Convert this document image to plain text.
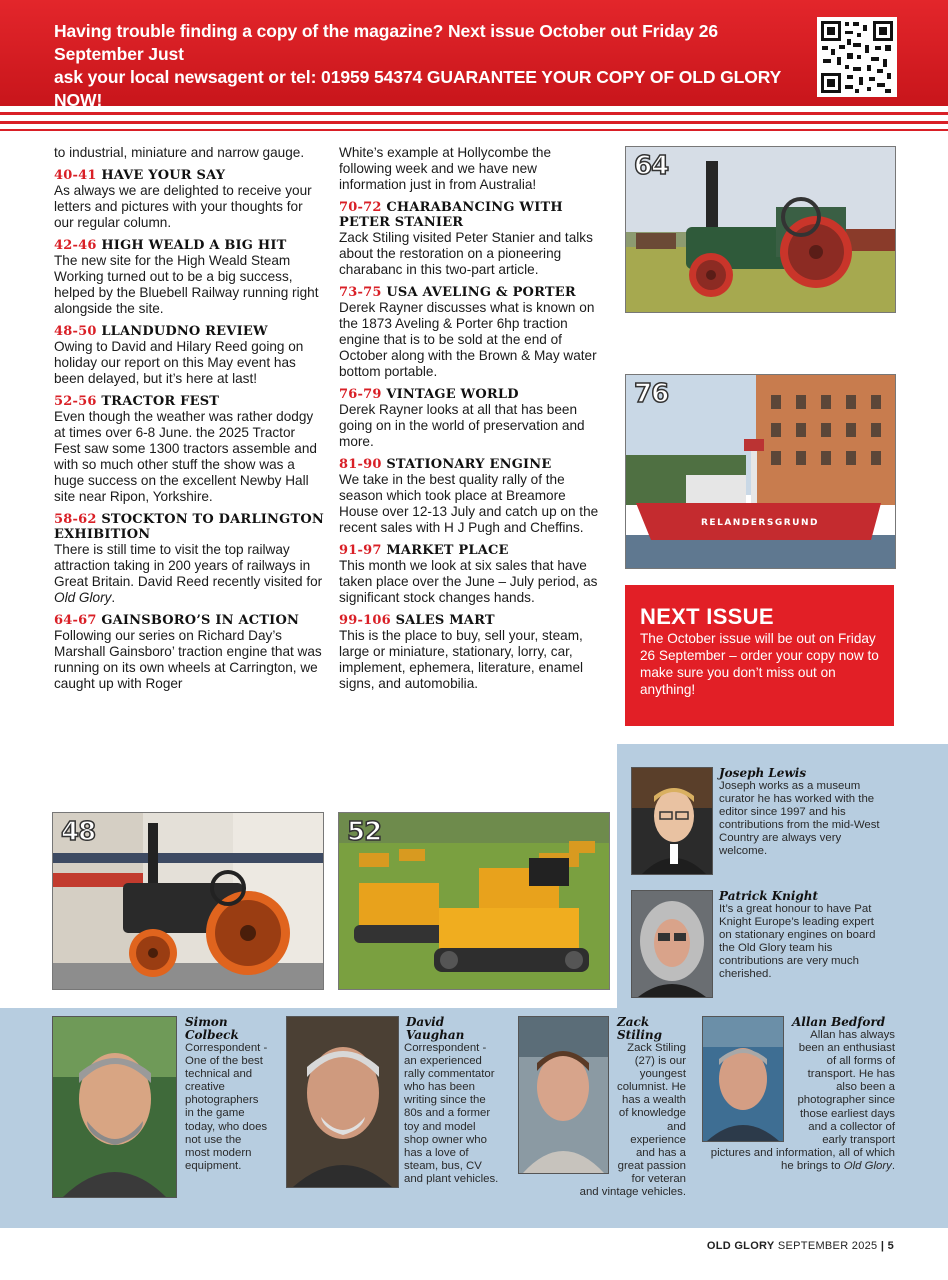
Having trouble finding a copy of the magazine? Next issue October out Friday 26 September Just
ask your local newsagent or tel: 01959 54374 GUARANTEE YOUR COPY OF OLD GLORY NOW!

to industrial, miniature and narrow gauge.

40-41 HAVE YOUR SAY
As always we are delighted to receive your letters and pictures with your thoughts for our regular column.
42-46 HIGH WEALD A BIG HIT
The new site for the High Weald Steam Working turned out to be a big success, helped by the Bluebell Railway running right alongside the site.
48-50 LLANDUDNO REVIEW
Owing to David and Hilary Reed going on holiday our report on this May event has been delayed, but it’s here at last!
52-56 TRACTOR FEST
Even though the weather was rather dodgy at times over 6-8 June. the 2025 Tractor Fest saw some 1300 tractors assemble and with so much other stuff the show was a huge success on the excellent Newby Hall site near Ripon, Yorkshire.
58-62 STOCKTON TO DARLINGTON EXHIBITION
There is still time to visit the top railway attraction taking in 200 years of railways in Great Britain. David Reed recently visited for Old Glory.
64-67 GAINSBORO’S IN ACTION
Following our series on Richard Day’s Marshall Gainsboro’ traction engine that was running on its own wheels at Carrington, we caught up with Roger

White’s example at Hollycombe the following week and we have new information just in from Australia!

70-72 CHARABANCING WITH PETER STANIER
Zack Stiling visited Peter Stanier and talks about the restoration on a pioneering charabanc in this two-part article.
73-75 USA AVELING & PORTER
Derek Rayner discusses what is known on the 1873 Aveling & Porter 6hp traction engine that is to be sold at the end of October along with the Brown & May water bottom portable.
76-79 VINTAGE WORLD
Derek Rayner looks at all that has been going on in the world of preservation and more.
81-90 STATIONARY ENGINE
We take in the best quality rally of the season which took place at Breamore House over 12-13 July and catch up on the recent sales with H J Pugh and Cheffins.
91-97 MARKET PLACE
This month we look at six sales that have taken place over the June – July period, as significant stock changes hands.
99-106 SALES MART
This is the place to buy, sell your, steam, large or miniature, stationary, lorry, car, implement, ephemera, literature, enamel signs, and automobilia.
64
RELANDERSGRUND
76
48	52
NEXT ISSUE
The October issue will be out on Friday 26 September – order your copy now to make sure you don’t miss out on anything!
Joseph Lewis
Joseph works as a museum curator he has worked with the editor since 1997 and his contributions from the mid-West Country are always very welcome.
Patrick Knight
It’s a great honour to have Pat Knight Europe’s leading expert on stationary engines on board the Old Glory team his contributions are very much cherished.
Simon Colbeck
Correspondent - One of the best technical and creative photographers in the game today, who does not use the most modern equipment.
David Vaughan
Correspondent - an experienced rally commentator who has been writing since the 80s and a former toy and model shop owner who has a love of steam, bus, CV and plant vehicles.
Zack Stiling
Zack Stiling (27) is our youngest columnist. He has a wealth of knowledge and experience and has a great passion for veteran and vintage vehicles.
Allan Bedford
Allan has always been an enthusiast of all forms of transport. He has also been a photographer since those earliest days and a collector of early transport pictures and information, all of which he brings to Old Glory.
OLD GLORY SEPTEMBER 2025 | 5
